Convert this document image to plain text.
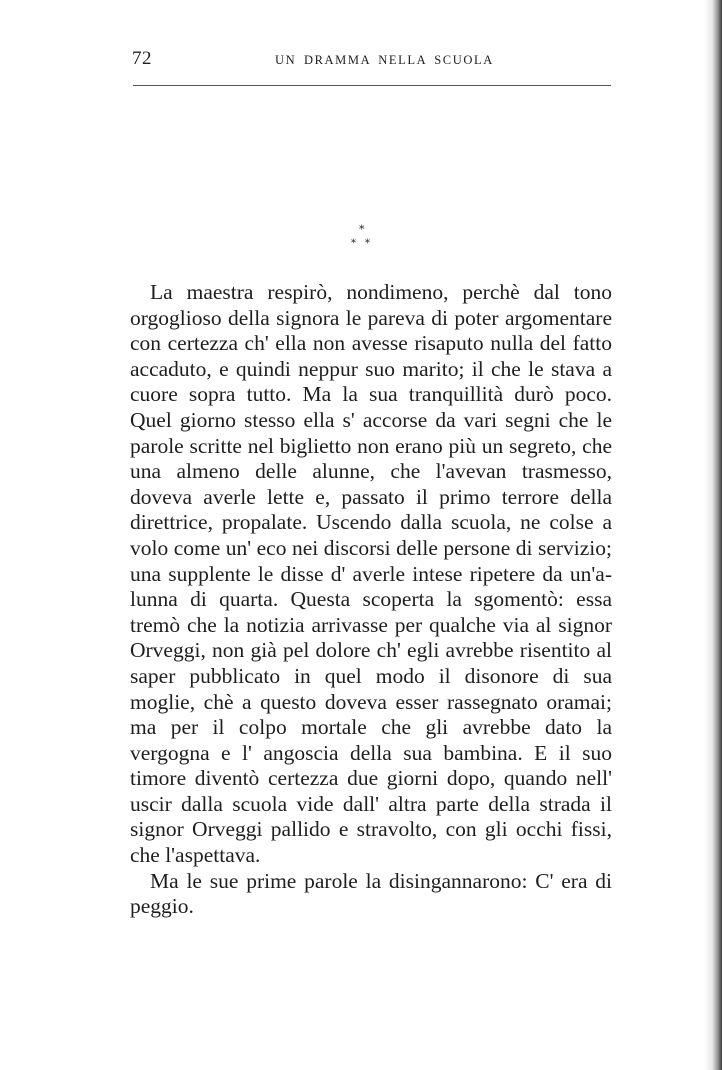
72	UN DRAMMA NELLA SCUOLA
*
* *

La maestra respirò, nondimeno, perchè dal tono orgoglioso della signora le pareva di poter argomentare con certezza ch' ella non avesse risaputo nulla del fatto accaduto, e quindi neppur suo marito; il che le stava a cuore sopra tutto. Ma la sua tranquillità durò poco. Quel giorno stesso ella s' accorse da vari segni che le parole scritte nel biglietto non erano più un segreto, che una almeno delle alunne, che l'avevan trasmesso, doveva averle lette e, passato il primo terrore della direttrice, propalate. Uscendo dalla scuola, ne colse a volo come un' eco nei discorsi delle persone di servizio; una supplente le disse d' averle intese ripetere da un'alunna di quarta. Questa scoperta la sgomentò: essa tremò che la notizia arrivasse per qualche via al signor Orveggi, non già pel dolore ch' egli avrebbe risentito al saper pubblicato in quel modo il disonore di sua moglie, chè a questo doveva esser rassegnato oramai; ma per il colpo mortale che gli avrebbe dato la vergogna e l' angoscia della sua bambina. E il suo timore diventò certezza due giorni dopo, quando nell' uscir dalla scuola vide dall' altra parte della strada il signor Orveggi pallido e stravolto, con gli occhi fissi, che l'aspettava.

Ma le sue prime parole la disingannarono: C' era di peggio.
